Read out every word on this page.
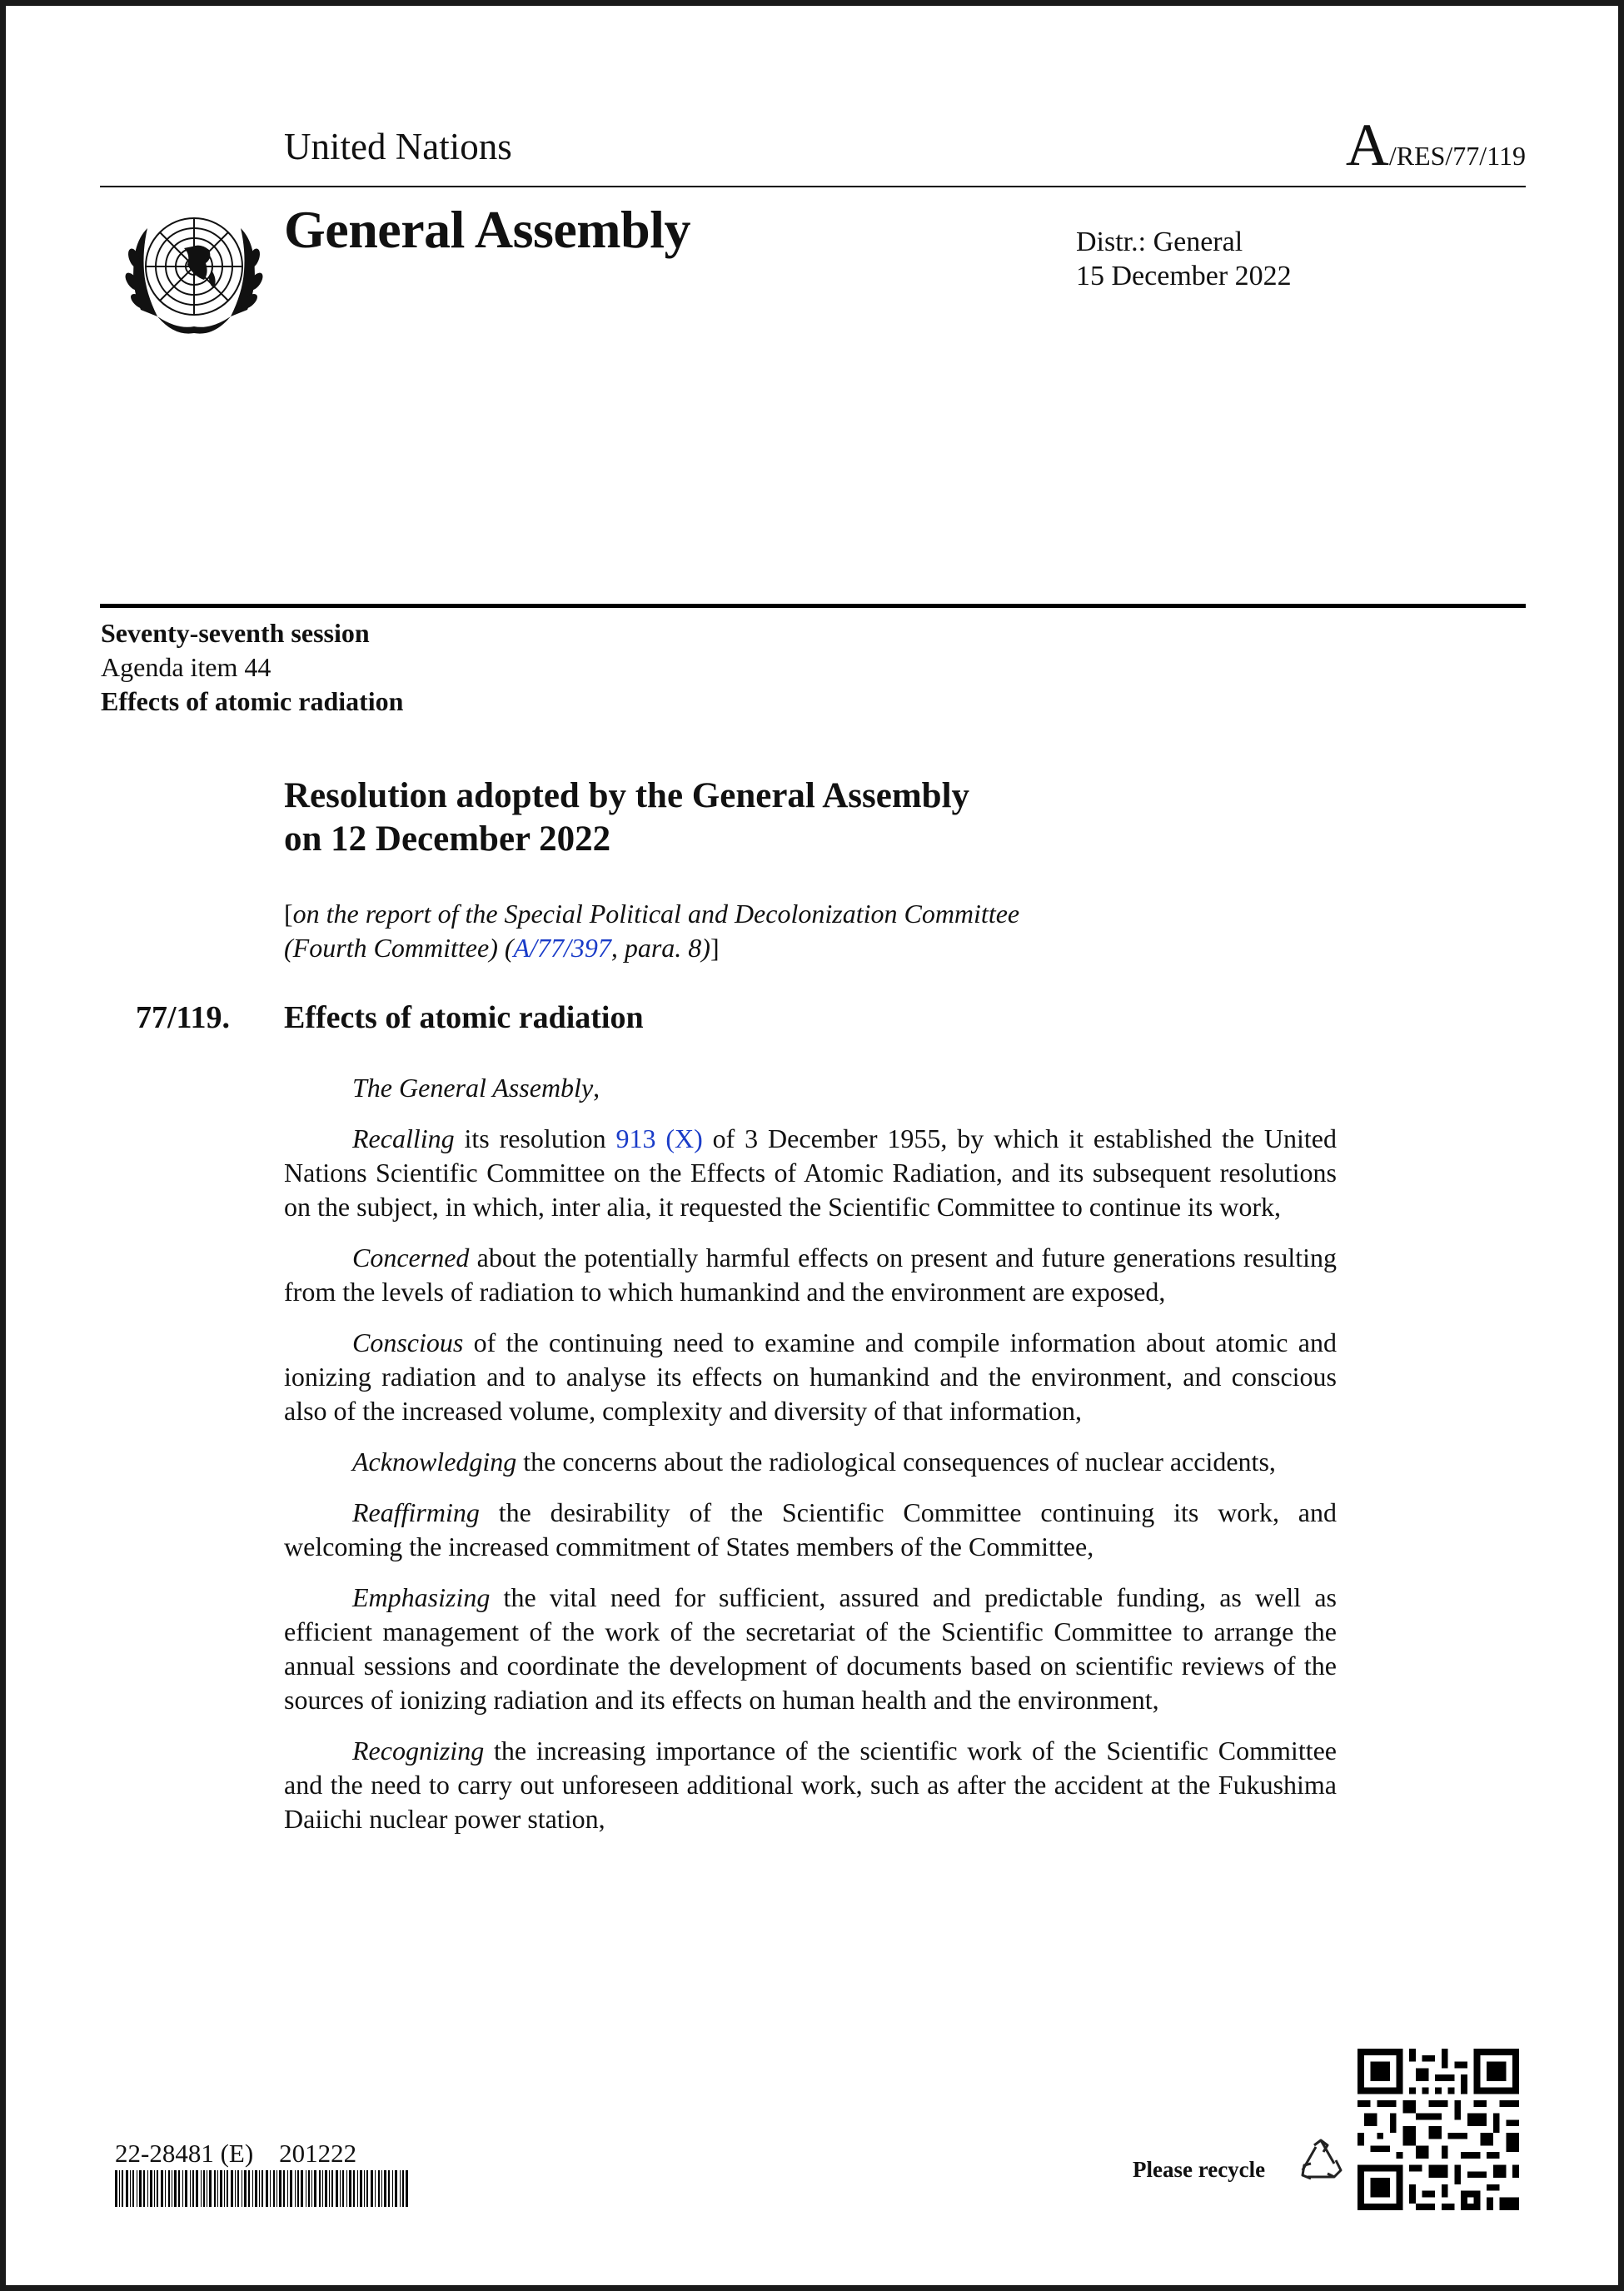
United Nations	A/RES/77/119
General Assembly	Distr.: General
15 December 2022
Seventy-seventh session
Agenda item 44
Effects of atomic radiation
Resolution adopted by the General Assembly
on 12 December 2022
[on the report of the Special Political and Decolonization Committee
(Fourth Committee) (A/77/397, para. 8)]
77/119. Effects of atomic radiation

The General Assembly,

Recalling its resolution 913 (X) of 3 December 1955, by which it established the United Nations Scientific Committee on the Effects of Atomic Radiation, and its subsequent resolutions on the subject, in which, inter alia, it requested the Scientific Committee to continue its work,

Concerned about the potentially harmful effects on present and future generations resulting from the levels of radiation to which humankind and the environment are exposed,

Conscious of the continuing need to examine and compile information about atomic and ionizing radiation and to analyse its effects on humankind and the environment, and conscious also of the increased volume, complexity and diversity of that information,

Acknowledging the concerns about the radiological consequences of nuclear accidents,

Reaffirming the desirability of the Scientific Committee continuing its work, and welcoming the increased commitment of States members of the Committee,

Emphasizing the vital need for sufficient, assured and predictable funding, as well as efficient management of the work of the secretariat of the Scientific Committee to arrange the annual sessions and coordinate the development of documents based on scientific reviews of the sources of ionizing radiation and its effects on human health and the environment,

Recognizing the increasing importance of the scientific work of the Scientific Committee and the need to carry out unforeseen additional work, such as after the accident at the Fukushima Daiichi nuclear power station,

22-28481 (E)    201222
Please recycle
